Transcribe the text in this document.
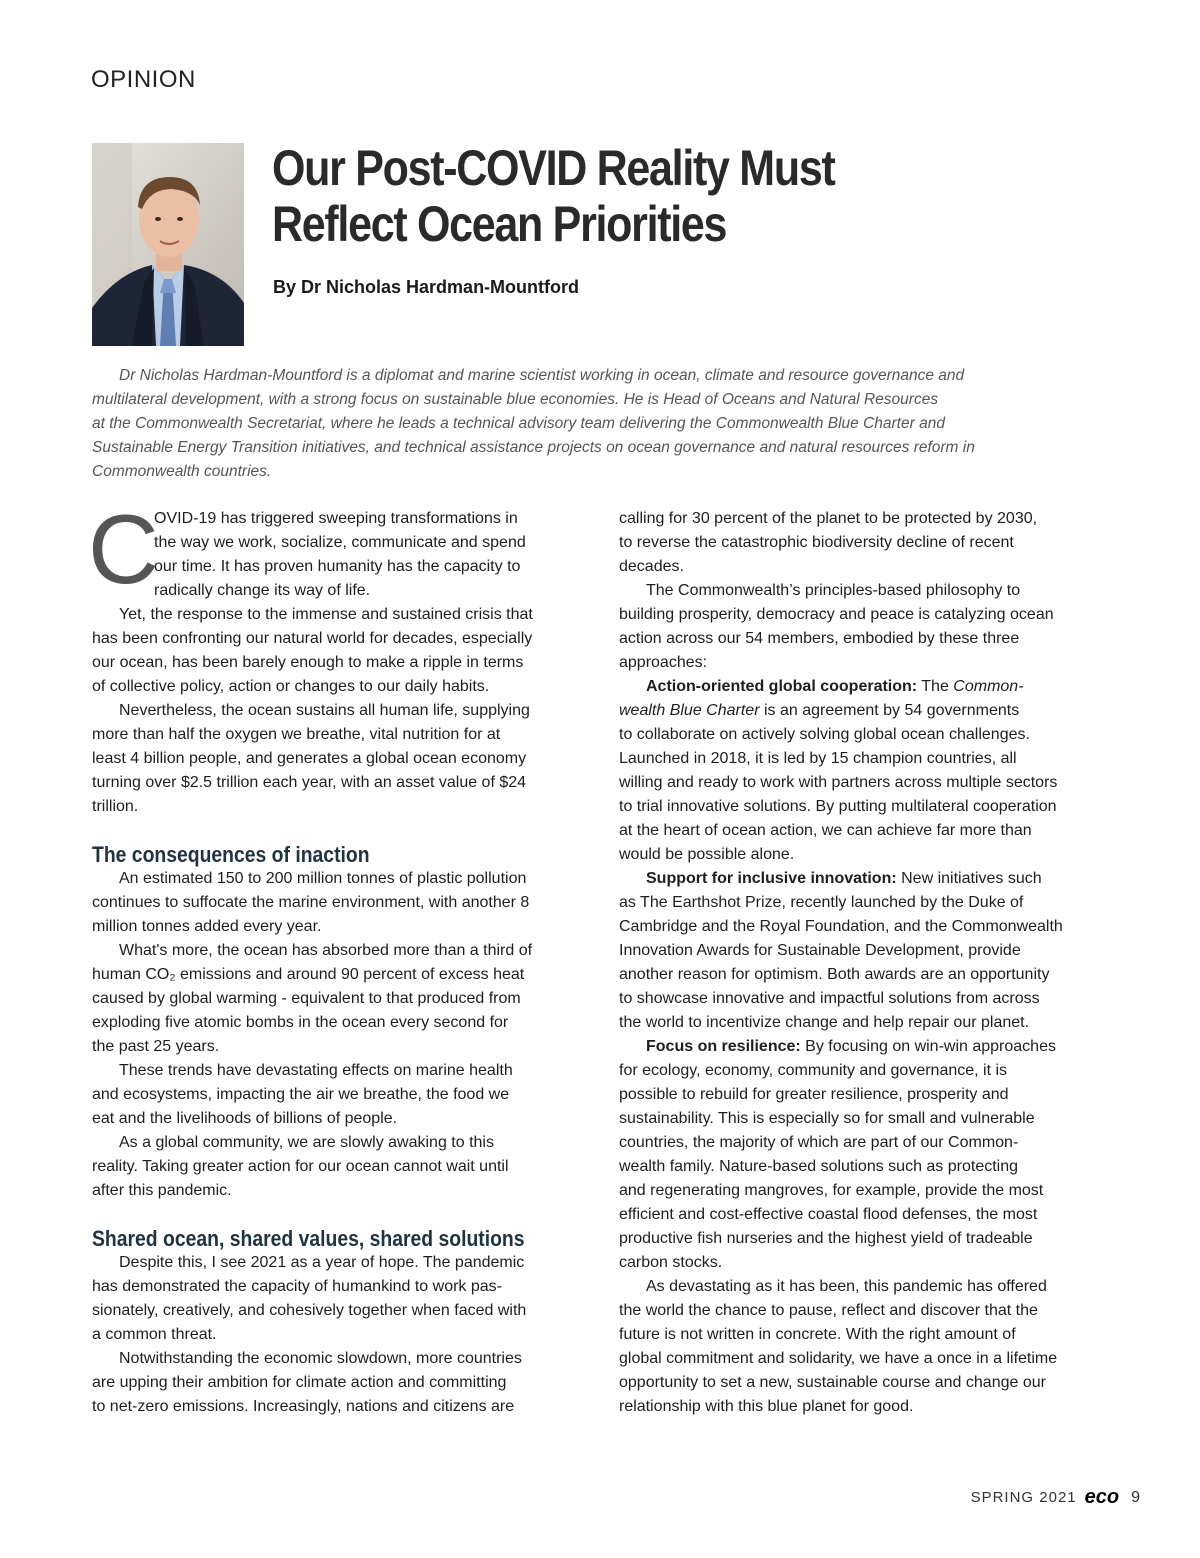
OPINION
Our Post-COVID Reality Must
Reflect Ocean Priorities
By Dr Nicholas Hardman-Mountford

Dr Nicholas Hardman-Mountford is a diplomat and marine scientist working in ocean, climate and resource governance and
multilateral development, with a strong focus on sustainable blue economies. He is Head of Oceans and Natural Resources
at the Commonwealth Secretariat, where he leads a technical advisory team delivering the Commonwealth Blue Charter and
Sustainable Energy Transition initiatives, and technical assistance projects on ocean governance and natural resources reform in
Commonwealth countries.

C
OVID-19 has triggered sweeping transformations in
the way we work, socialize, communicate and spend
our time. It has proven humanity has the capacity to
radically change its way of life.
Yet, the response to the immense and sustained crisis that
has been confronting our natural world for decades, especially
our ocean, has been barely enough to make a ripple in terms
of collective policy, action or changes to our daily habits.
Nevertheless, the ocean sustains all human life, supplying
more than half the oxygen we breathe, vital nutrition for at
least 4 billion people, and generates a global ocean economy
turning over $2.5 trillion each year, with an asset value of $24
trillion.
The consequences of inaction
An estimated 150 to 200 million tonnes of plastic pollution
continues to suffocate the marine environment, with another 8
million tonnes added every year.
What's more, the ocean has absorbed more than a third of
human CO₂ emissions and around 90 percent of excess heat
caused by global warming - equivalent to that produced from
exploding five atomic bombs in the ocean every second for
the past 25 years.
These trends have devastating effects on marine health
and ecosystems, impacting the air we breathe, the food we
eat and the livelihoods of billions of people.
As a global community, we are slowly awaking to this
reality. Taking greater action for our ocean cannot wait until
after this pandemic.
Shared ocean, shared values, shared solutions
Despite this, I see 2021 as a year of hope. The pandemic
has demonstrated the capacity of humankind to work pas-
sionately, creatively, and cohesively together when faced with
a common threat.
Notwithstanding the economic slowdown, more countries
are upping their ambition for climate action and committing
to net-zero emissions. Increasingly, nations and citizens are
calling for 30 percent of the planet to be protected by 2030,
to reverse the catastrophic biodiversity decline of recent
decades.
The Commonwealth’s principles-based philosophy to
building prosperity, democracy and peace is catalyzing ocean
action across our 54 members, embodied by these three
approaches:
Action-oriented global cooperation: The Common-
wealth Blue Charter is an agreement by 54 governments
to collaborate on actively solving global ocean challenges.
Launched in 2018, it is led by 15 champion countries, all
willing and ready to work with partners across multiple sectors
to trial innovative solutions. By putting multilateral cooperation
at the heart of ocean action, we can achieve far more than
would be possible alone.
Support for inclusive innovation: New initiatives such
as The Earthshot Prize, recently launched by the Duke of
Cambridge and the Royal Foundation, and the Commonwealth
Innovation Awards for Sustainable Development, provide
another reason for optimism. Both awards are an opportunity
to showcase innovative and impactful solutions from across
the world to incentivize change and help repair our planet.
Focus on resilience: By focusing on win-win approaches
for ecology, economy, community and governance, it is
possible to rebuild for greater resilience, prosperity and
sustainability. This is especially so for small and vulnerable
countries, the majority of which are part of our Common-
wealth family. Nature-based solutions such as protecting
and regenerating mangroves, for example, provide the most
efficient and cost-effective coastal flood defenses, the most
productive fish nurseries and the highest yield of tradeable
carbon stocks.
As devastating as it has been, this pandemic has offered
the world the chance to pause, reflect and discover that the
future is not written in concrete. With the right amount of
global commitment and solidarity, we have a once in a lifetime
opportunity to set a new, sustainable course and change our
relationship with this blue planet for good.
SPRING 2021 eco 9
